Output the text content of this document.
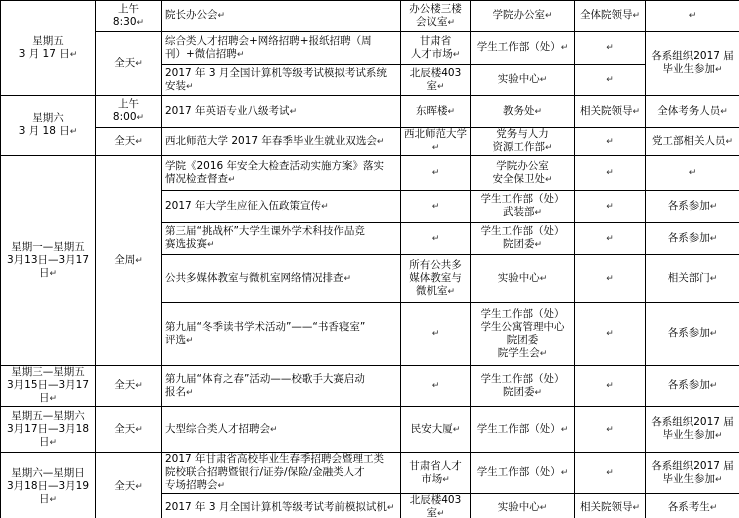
星期五
3 月 17 日↵	上午
8:30↵	院长办公会↵	办公楼三楼
会议室↵	学院办公室↵	全体院领导↵	↵
	全天↵	综合类人才招聘会+网络招聘+报纸招聘（周
刊）+微信招聘↵	甘肃省
人才市场↵	学生工作部（处）↵	↵	各系组织2017 届
毕业生参加↵
		2017 年 3 月全国计算机等级考试模拟考试系统
安装↵	北辰楼403 室↵	实验中心↵	↵	
星期六
3 月 18 日↵	上午
8:00↵	2017 年英语专业八级考试↵	东晖楼↵	教务处↵	相关院领导↵	全体考务人员↵
	全天↵	西北师范大学 2017 年春季毕业生就业双选会↵	西北师范大学↵	党务与人力
资源工作部↵	↵	党工部相关人员↵
星期一—星期五
3月13日—3月17日↵	全周↵	学院《2016 年安全大检查活动实施方案》落实
情况检查督查↵	↵	学院办公室
安全保卫处↵	↵	↵
		2017 年大学生应征入伍政策宣传↵	↵	学生工作部（处）
武装部↵	↵	各系参加↵
		第三届“挑战杯”大学生课外学术科技作品竞
赛选拔赛↵	↵	学生工作部（处）
院团委↵	↵	各系参加↵
		公共多媒体教室与微机室网络情况排查↵	所有公共多
媒体教室与
微机室↵	实验中心↵	↵	相关部门↵
		第九届“冬季读书学术活动”——“书香寝室”
评选↵	↵	学生工作部（处）
学生公寓管理中心
院团委
院学生会↵	↵	各系参加↵
星期三—星期五
3月15日—3月17日↵	全天↵	第九届“体育之春”活动——校歌手大赛启动
报名↵	↵	学生工作部（处）
院团委↵	↵	各系参加↵
星期五—星期六
3月17日—3月18日↵	全天↵	大型综合类人才招聘会↵	民安大厦↵	学生工作部（处）↵	↵	各系组织2017 届
毕业生参加↵
星期六—星期日
3月18日—3月19日↵	全天↵	2017 年甘肃省高校毕业生春季招聘会暨理工类
院校联合招聘暨银行/证券/保险/金融类人才
专场招聘会↵	甘肃省人才
市场↵	学生工作部（处）↵	↵	各系组织2017 届
毕业生参加↵
		2017 年 3 月全国计算机等级考试考前模拟试机↵	北辰楼403 室↵	实验中心↵	相关院领导↵	各系考生↵
